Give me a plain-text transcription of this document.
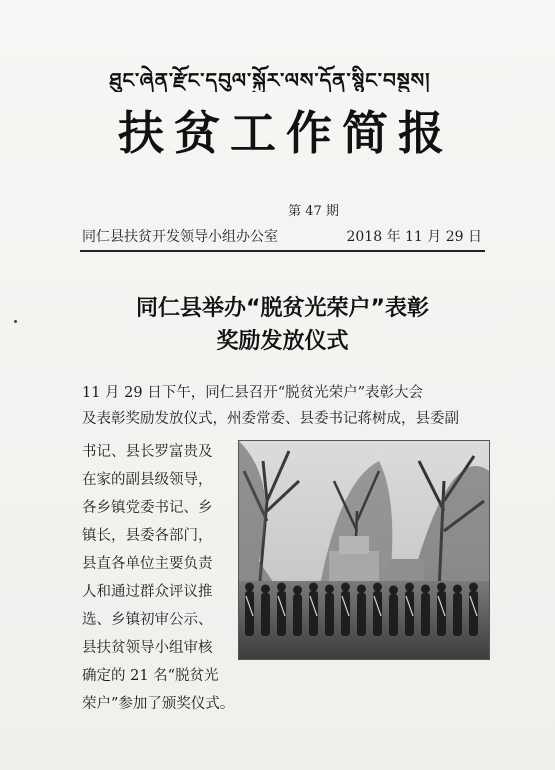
ཐུང་ཞེན་རྫོང་དབུལ་སྐྱོར་ལས་དོན་སྙིང་བསྡུས།
扶贫工作简报
第 47 期
同仁县扶贫开发领导小组办公室	2018 年 11 月 29 日
同仁县举办“脱贫光荣户”表彰
奖励发放仪式
11 月 29 日下午，同仁县召开“脱贫光荣户”表彰大会
及表彰奖励发放仪式，州委常委、县委书记蒋树成，县委副
书记、县长罗富贵及
在家的副县级领导，
各乡镇党委书记、乡
镇长，县委各部门，
县直各单位主要负责
人和通过群众评议推
选、乡镇初审公示、
县扶贫领导小组审核
确定的 21 名“脱贫光
荣户”参加了颁奖仪式。
